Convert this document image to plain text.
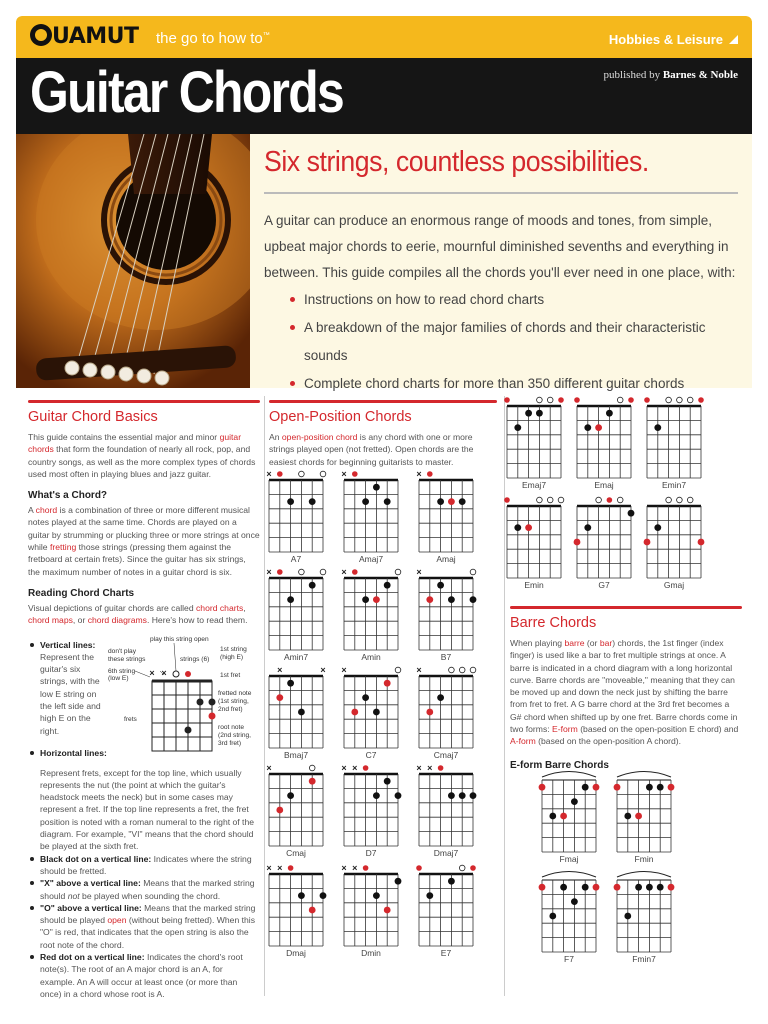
UAMUT the go to how to™	Hobbies & Leisure
Guitar Chords	published by Barnes & Noble
Six strings, countless possibilities.
A guitar can produce an enormous range of moods and tones, from simple, upbeat major chords to eerie, mournful diminished sevenths and everything in between. This guide compiles all the chords you'll ever need in one place, with:
Instructions on how to read chord charts
A breakdown of the major families of chords and their characteristic sounds
Complete chord charts for more than 350 different guitar chords
Guitar Chord Basics
This guide contains the essential major and minor guitar chords that form the foundation of nearly all rock, pop, and country songs, as well as the more complex types of chords used most often in playing blues and jazz guitar.
What's a Chord?
A chord is a combination of three or more different musical notes played at the same time. Chords are played on a guitar by strumming or plucking three or more strings at once while fretting those strings (pressing them against the fretboard at certain frets). Since the guitar has six strings, the maximum number of notes in a guitar chord is six.
Reading Chord Charts
Visual depictions of guitar chords are called chord charts, chord maps, or chord diagrams. Here's how to read them.
Vertical lines: Represent the guitar's six strings, with the low E string on the left side and high E on the right.
× ×
play this string open
don't play
these strings	strings (6)
6th string
(low E)
1st string
(high E)
1st fret
frets
fretted note
(1st string,
2nd fret)
root note
(2nd string,
3rd fret)
Horizontal lines:
Represent frets, except for the top line, which usually represents the nut (the point at which the guitar's headstock meets the neck) but in some cases may represent a fret. If the top line represents a fret, the fret position is noted with a roman numeral to the right of the diagram. For example, "VI" means that the chord should be played at the sixth fret.
Black dot on a vertical line: Indicates where the string should be fretted.
"X" above a vertical line: Means that the marked string should not be played when sounding the chord.
"O" above a vertical line: Means that the marked string should be played open (without being fretted). When this "O" is red, that indicates that the open string is also the root note of the chord.
Red dot on a vertical line: Indicates the chord's root note(s). The root of an A major chord is an A, for example. An A will occur at least once (or more than once) in a chord whose root is A.
Open-Position Chords
An open-position chord is any chord with one or more strings played open (not fretted). Open chords are the easiest chords for beginning guitarists to master.
Barre Chords
When playing barre (or bar) chords, the 1st finger (index finger) is used like a bar to fret multiple strings at once. A barre is indicated in a chord diagram with a long horizontal curve. Barre chords are "moveable," meaning that they can be moved up and down the neck just by shifting the barre from fret to fret. A G barre chord at the 3rd fret becomes a G# chord when shifted up by one fret. Barre chords come in two forms: E-form (based on the open-position E chord) and A-form (based on the open-position A chord).
E-form Barre Chords
×
A7
×
Amaj7
×
Amaj
×
Amin7
×
Amin
×
B7
×	×
Bmaj7
×
C7
×
Cmaj7
×
Cmaj
× ×
D7
× ×
Dmaj7
× ×
Dmaj
× ×
Dmin	E7
Emaj7	Emaj	Emin7
Emin	G7	Gmaj
Fmaj	Fmin
F7	Fmin7
